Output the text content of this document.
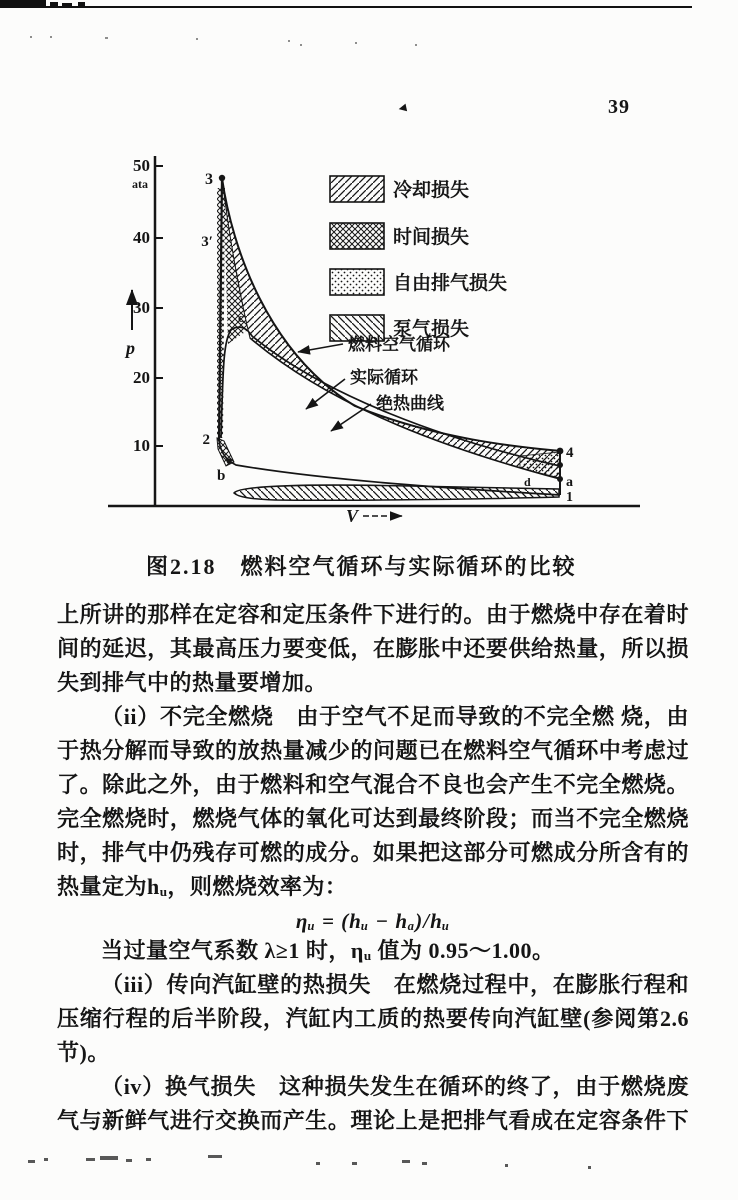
◄	39
50
ata
40
30
20
10
p
V
冷却损失
时间损失
自由排气损失
泵气损失
燃料空气循环
实际循环
绝热曲线
3
3′
c
2
b	d
4
a
1
图2.18　燃料空气循环与实际循环的比较
上所讲的那样在定容和定压条件下进行的。由于燃烧中存在着时
间的延迟，其最高压力要变低，在膨胀中还要供给热量，所以损
失到排气中的热量要增加。
（ii）不完全燃烧　由于空气不足而导致的不完全燃 烧，由
于热分解而导致的放热量减少的问题已在燃料空气循环中考虑过
了。除此之外，由于燃料和空气混合不良也会产生不完全燃烧。
完全燃烧时，燃烧气体的氧化可达到最终阶段；而当不完全燃烧
时，排气中仍残存可燃的成分。如果把这部分可燃成分所含有的
热量定为hᵤ，则燃烧效率为：
ηᵤ = (hᵤ − hₐ)/hᵤ
当过量空气系数 λ≥1 时，ηᵤ 值为 0.95～1.00。
（iii）传向汽缸壁的热损失　在燃烧过程中，在膨胀行程和
压缩行程的后半阶段，汽缸内工质的热要传向汽缸壁(参阅第2.6
节)。
（iv）换气损失　这种损失发生在循环的终了，由于燃烧废
气与新鲜气进行交换而产生。理论上是把排气看成在定容条件下
